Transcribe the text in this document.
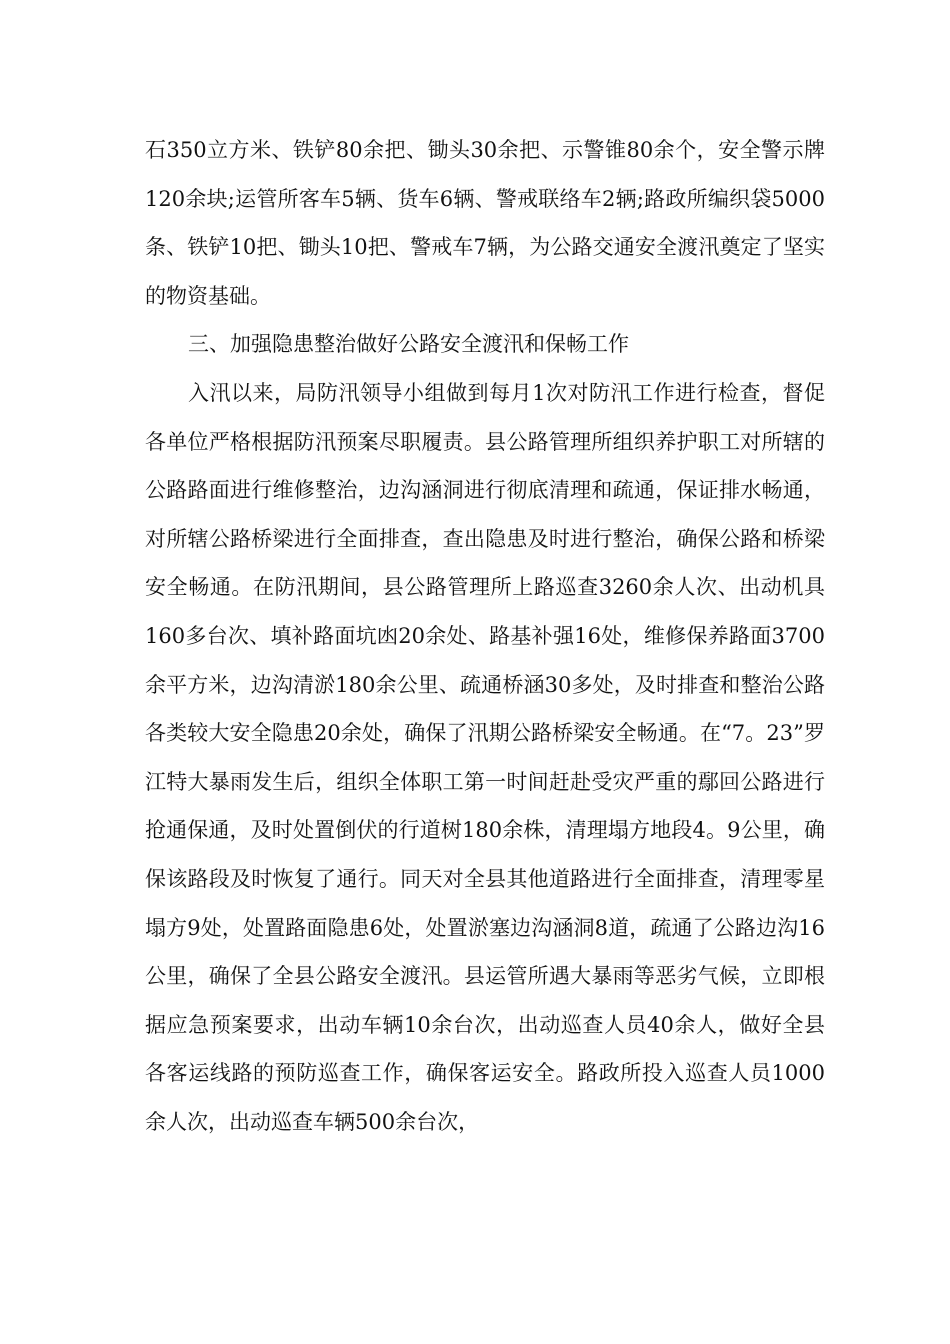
石350立方米、铁铲80余把、锄头30余把、示警锥80余个，安全警示牌120余块;运管所客车5辆、货车6辆、警戒联络车2辆;路政所编织袋5000条、铁铲10把、锄头10把、警戒车7辆，为公路交通安全渡汛奠定了坚实的物资基础。

三、加强隐患整治做好公路安全渡汛和保畅工作

入汛以来，局防汛领导小组做到每月1次对防汛工作进行检查，督促各单位严格根据防汛预案尽职履责。县公路管理所组织养护职工对所辖的公路路面进行维修整治，边沟涵洞进行彻底清理和疏通，保证排水畅通，对所辖公路桥梁进行全面排查，查出隐患及时进行整治，确保公路和桥梁安全畅通。在防汛期间，县公路管理所上路巡查3260余人次、出动机具160多台次、填补路面坑凼20余处、路基补强16处，维修保养路面3700余平方米，边沟清淤180余公里、疏通桥涵30多处，及时排查和整治公路各类较大安全隐患20余处，确保了汛期公路桥梁安全畅通。在“7。23”罗江特大暴雨发生后，组织全体职工第一时间赶赴受灾严重的鄢回公路进行抢通保通，及时处置倒伏的行道树180余株，清理塌方地段4。9公里，确保该路段及时恢复了通行。同天对全县其他道路进行全面排查，清理零星塌方9处，处置路面隐患6处，处置淤塞边沟涵洞8道，疏通了公路边沟16公里，确保了全县公路安全渡汛。县运管所遇大暴雨等恶劣气候，立即根据应急预案要求，出动车辆10余台次，出动巡查人员40余人，做好全县各客运线路的预防巡查工作，确保客运安全。路政所投入巡查人员1000余人次，出动巡查车辆500余台次，
